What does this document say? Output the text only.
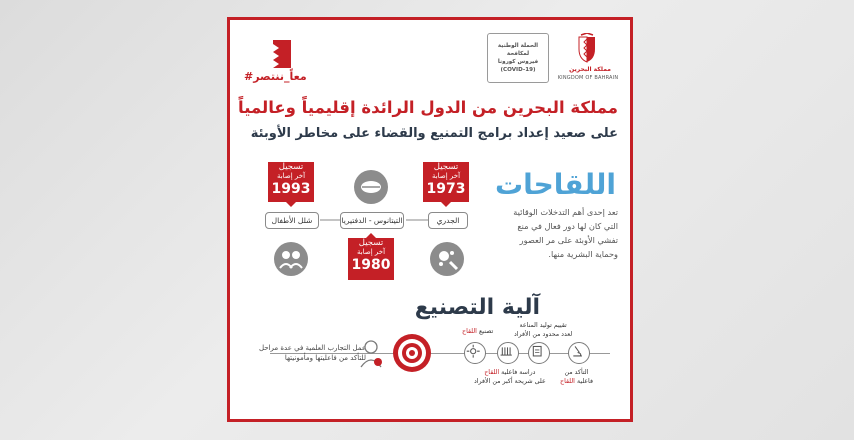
#معاً_ننتصر
الحملة الوطنية
لمكافحة
فيروس كورونا
(COVID-19)	مملكة البحرين
KINGDOM OF BAHRAIN
مملكة البحرين من الدول الرائدة إقليمياً وعالمياً
على صعيد إعداد برامج التمنيع والقضاء على مخاطر الأوبئة
اللقاحات
تعد إحدى أهم التدخلات الوقائية التي كان لها دور فعال في منع تفشي الأوبئة على مر العصور وحماية البشرية منها.
تسجيل
آخر إصابة
1973
الجدري
التيتانوس - الدفتيريا
تسجيل
آخر إصابة
1980
تسجيل
آخر إصابة
1993
شلل الأطفال
آلية التصنيع
عمل التجارب العلمية في عدة مراحل للتأكد من فاعليتها ومأمونيتها
تصنيع اللقاح
دراسة فاعلية اللقاح
على شريحة أكبر من الأفراد
تقييم توليد المناعة
لعدد محدود من الأفراد
التأكد من
فاعلية اللقاح
